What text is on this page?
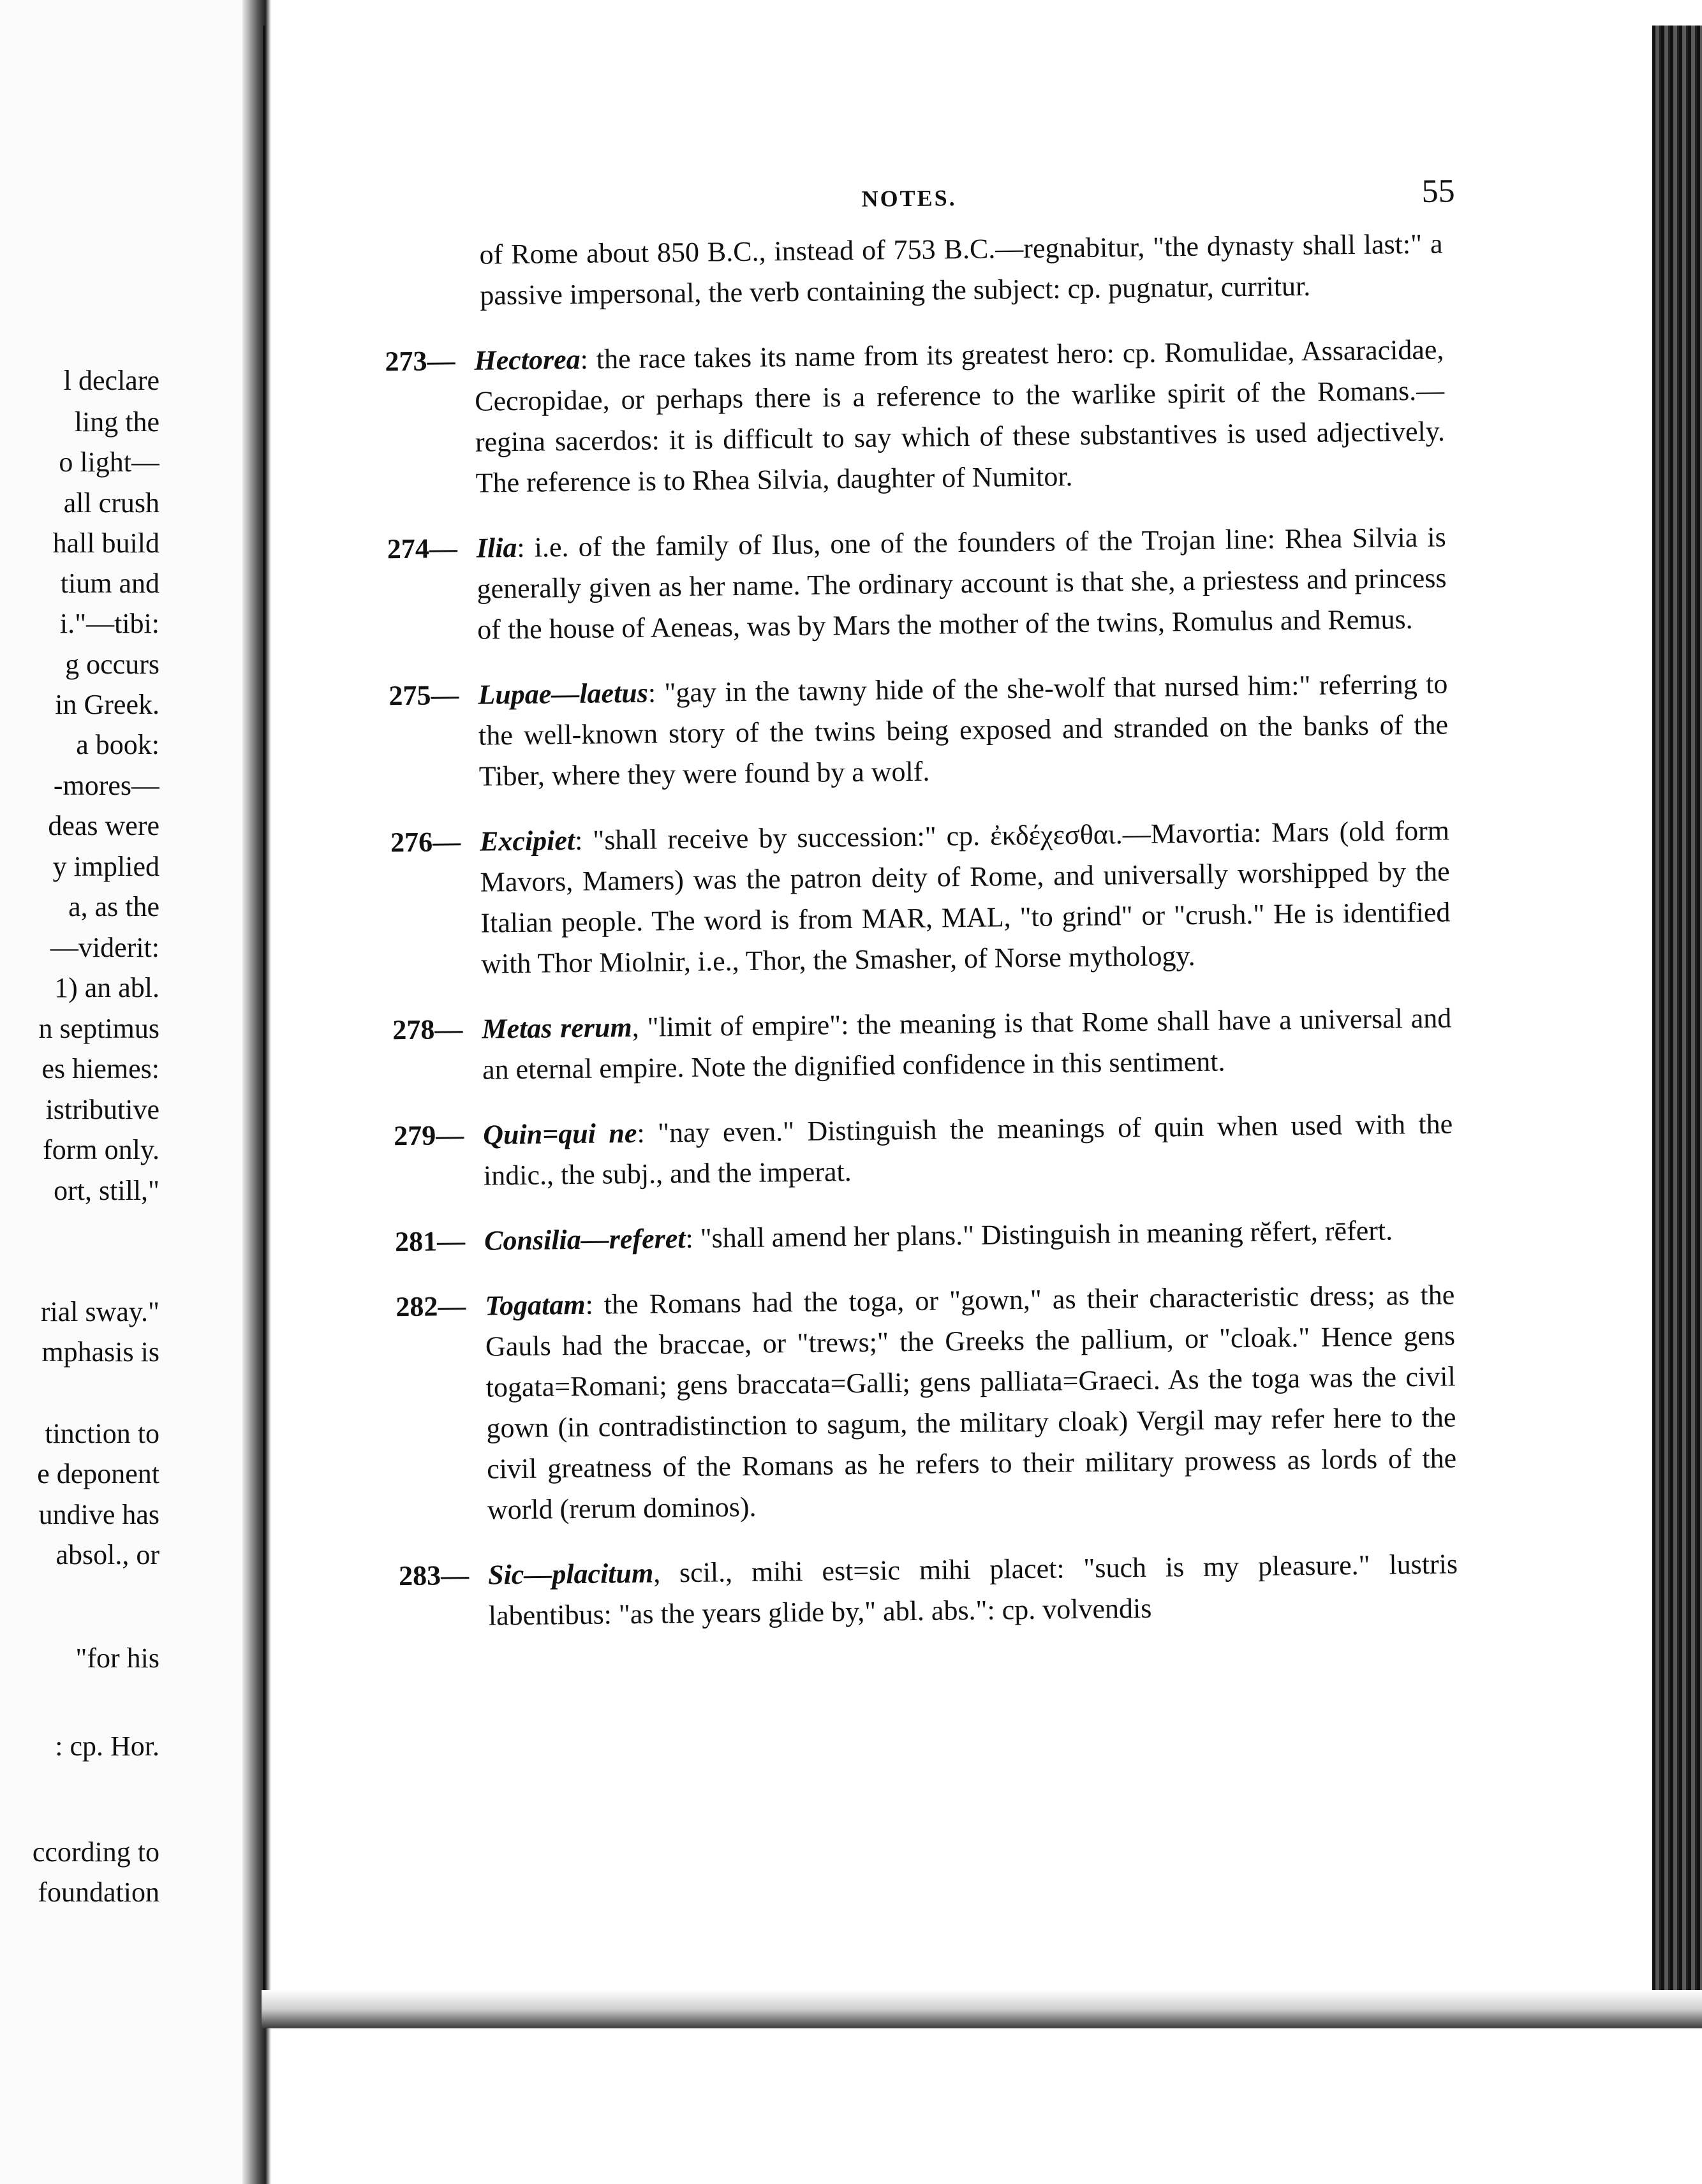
l declare
ling the
o light—
all crush
hall build
tium and
i."—tibi:
g occurs
in Greek.
a book:
-mores—
deas were
y implied
a, as the
—viderit:
1) an abl.
n septimus
es hiemes:
istributive
form only.
ort, still,"
rial sway."
mphasis is
tinction to
e deponent
undive has
absol., or
"for his
: cp. Hor.
ccording to
foundation
NOTES.	55
of Rome about 850 B.C., instead of 753 B.C.—regnabitur, "the dynasty shall last:" a passive impersonal, the verb containing the subject: cp. pugnatur, curritur.
273— Hectorea: the race takes its name from its greatest hero: cp. Romulidae, Assaracidae, Cecropidae, or perhaps there is a reference to the warlike spirit of the Romans.—regina sacerdos: it is difficult to say which of these substantives is used adjectively. The reference is to Rhea Silvia, daughter of Numitor.
274— Ilia: i.e. of the family of Ilus, one of the founders of the Trojan line: Rhea Silvia is generally given as her name. The ordinary account is that she, a priestess and princess of the house of Aeneas, was by Mars the mother of the twins, Romulus and Remus.
275— Lupae—laetus: "gay in the tawny hide of the she-wolf that nursed him:" referring to the well-known story of the twins being exposed and stranded on the banks of the Tiber, where they were found by a wolf.
276— Excipiet: "shall receive by succession:" cp. ἐκδέχεσθαι.—Mavortia: Mars (old form Mavors, Mamers) was the patron deity of Rome, and universally worshipped by the Italian people. The word is from MAR, MAL, "to grind" or "crush." He is identified with Thor Miolnir, i.e., Thor, the Smasher, of Norse mythology.
278— Metas rerum, "limit of empire": the meaning is that Rome shall have a universal and an eternal empire. Note the dignified confidence in this sentiment.
279— Quin=qui ne: "nay even." Distinguish the meanings of quin when used with the indic., the subj., and the imperat.
281— Consilia—referet: "shall amend her plans." Distinguish in meaning rĕfert, rēfert.
282— Togatam: the Romans had the toga, or "gown," as their characteristic dress; as the Gauls had the braccae, or "trews;" the Greeks the pallium, or "cloak." Hence gens togata=Romani; gens braccata=Galli; gens palliata=Graeci. As the toga was the civil gown (in contradistinction to sagum, the military cloak) Vergil may refer here to the civil greatness of the Romans as he refers to their military prowess as lords of the world (rerum dominos).
283— Sic—placitum, scil., mihi est=sic mihi placet: "such is my pleasure." lustris labentibus: "as the years glide by," abl. abs.": cp. volvendis
